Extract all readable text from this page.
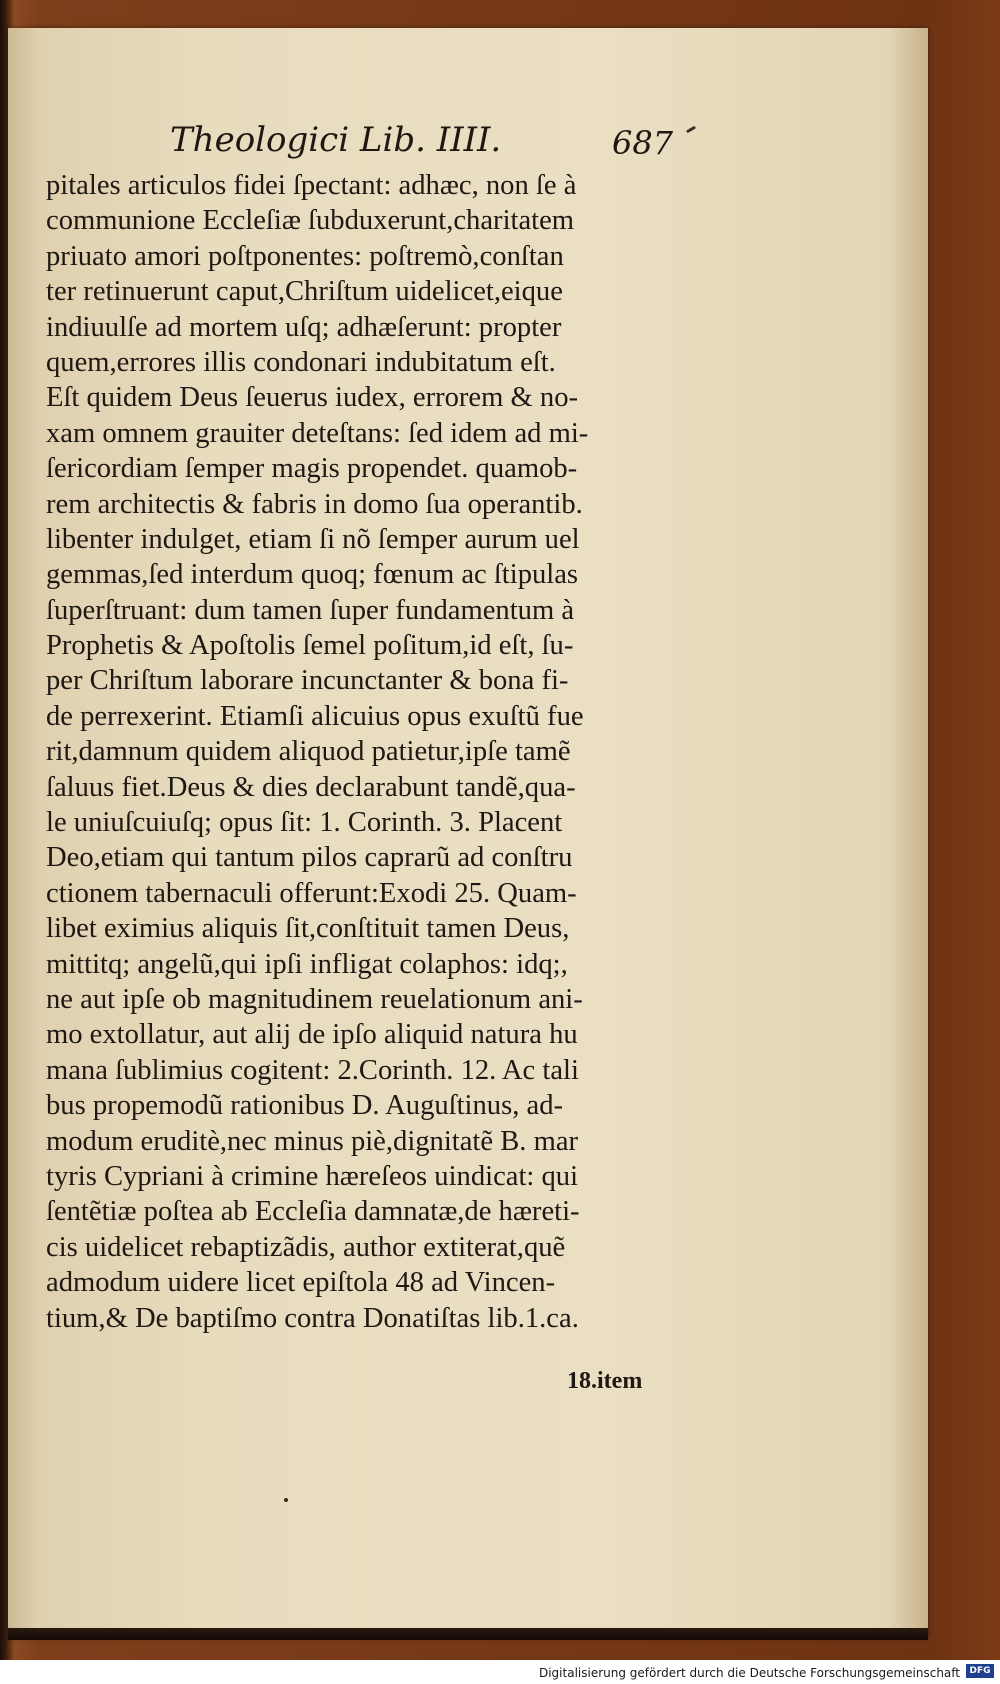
Theologici Lib. IIII.	687
pitales articulos fidei ſpectant: adhæc, non ſe à
communione Eccleſiæ ſubduxerunt,charitatem
priuato amori poſtponentes: poſtremò,conſtan
ter retinuerunt caput,Chriſtum uidelicet,eique
indiuulſe ad mortem uſq; adhæſerunt: propter
quem,errores illis condonari indubitatum eſt.
Eſt quidem Deus ſeuerus iudex, errorem & no-
xam omnem grauiter deteſtans: ſed idem ad mi-
ſericordiam ſemper magis propendet. quamob-
rem architectis & fabris in domo ſua operantib.
libenter indulget, etiam ſi nõ ſemper aurum uel
gemmas,ſed interdum quoq; fœnum ac ſtipulas
ſuperſtruant: dum tamen ſuper fundamentum à
Prophetis & Apoſtolis ſemel poſitum,id eſt, ſu-
per Chriſtum laborare incunctanter & bona fi-
de perrexerint. Etiamſi alicuius opus exuſtũ fue
rit,damnum quidem aliquod patietur,ipſe tamẽ
ſaluus fiet.Deus & dies declarabunt tandẽ,qua-
le uniuſcuiuſq; opus ſit: 1. Corinth. 3. Placent
Deo,etiam qui tantum pilos caprarũ ad conſtru
ctionem tabernaculi offerunt:Exodi 25. Quam-
libet eximius aliquis ſit,conſtituit tamen Deus,
mittitq; angelũ,qui ipſi infligat colaphos: idq;,
ne aut ipſe ob magnitudinem reuelationum ani-
mo extollatur, aut alij de ipſo aliquid natura hu
mana ſublimius cogitent: 2.Corinth. 12. Ac tali
bus propemodũ rationibus D. Auguſtinus, ad-
modum eruditè,nec minus piè,dignitatẽ B. mar
tyris Cypriani à crimine hæreſeos uindicat: qui
ſentẽtiæ poſtea ab Eccleſia damnatæ,de hæreti-
cis uidelicet rebaptizãdis, author extiterat,quẽ
admodum uidere licet epiſtola 48 ad Vincen-
tium,& De baptiſmo contra Donatiſtas lib.1.ca.
18.item
Digitalisierung gefördert durch die Deutsche Forschungsgemeinschaft	DFG
